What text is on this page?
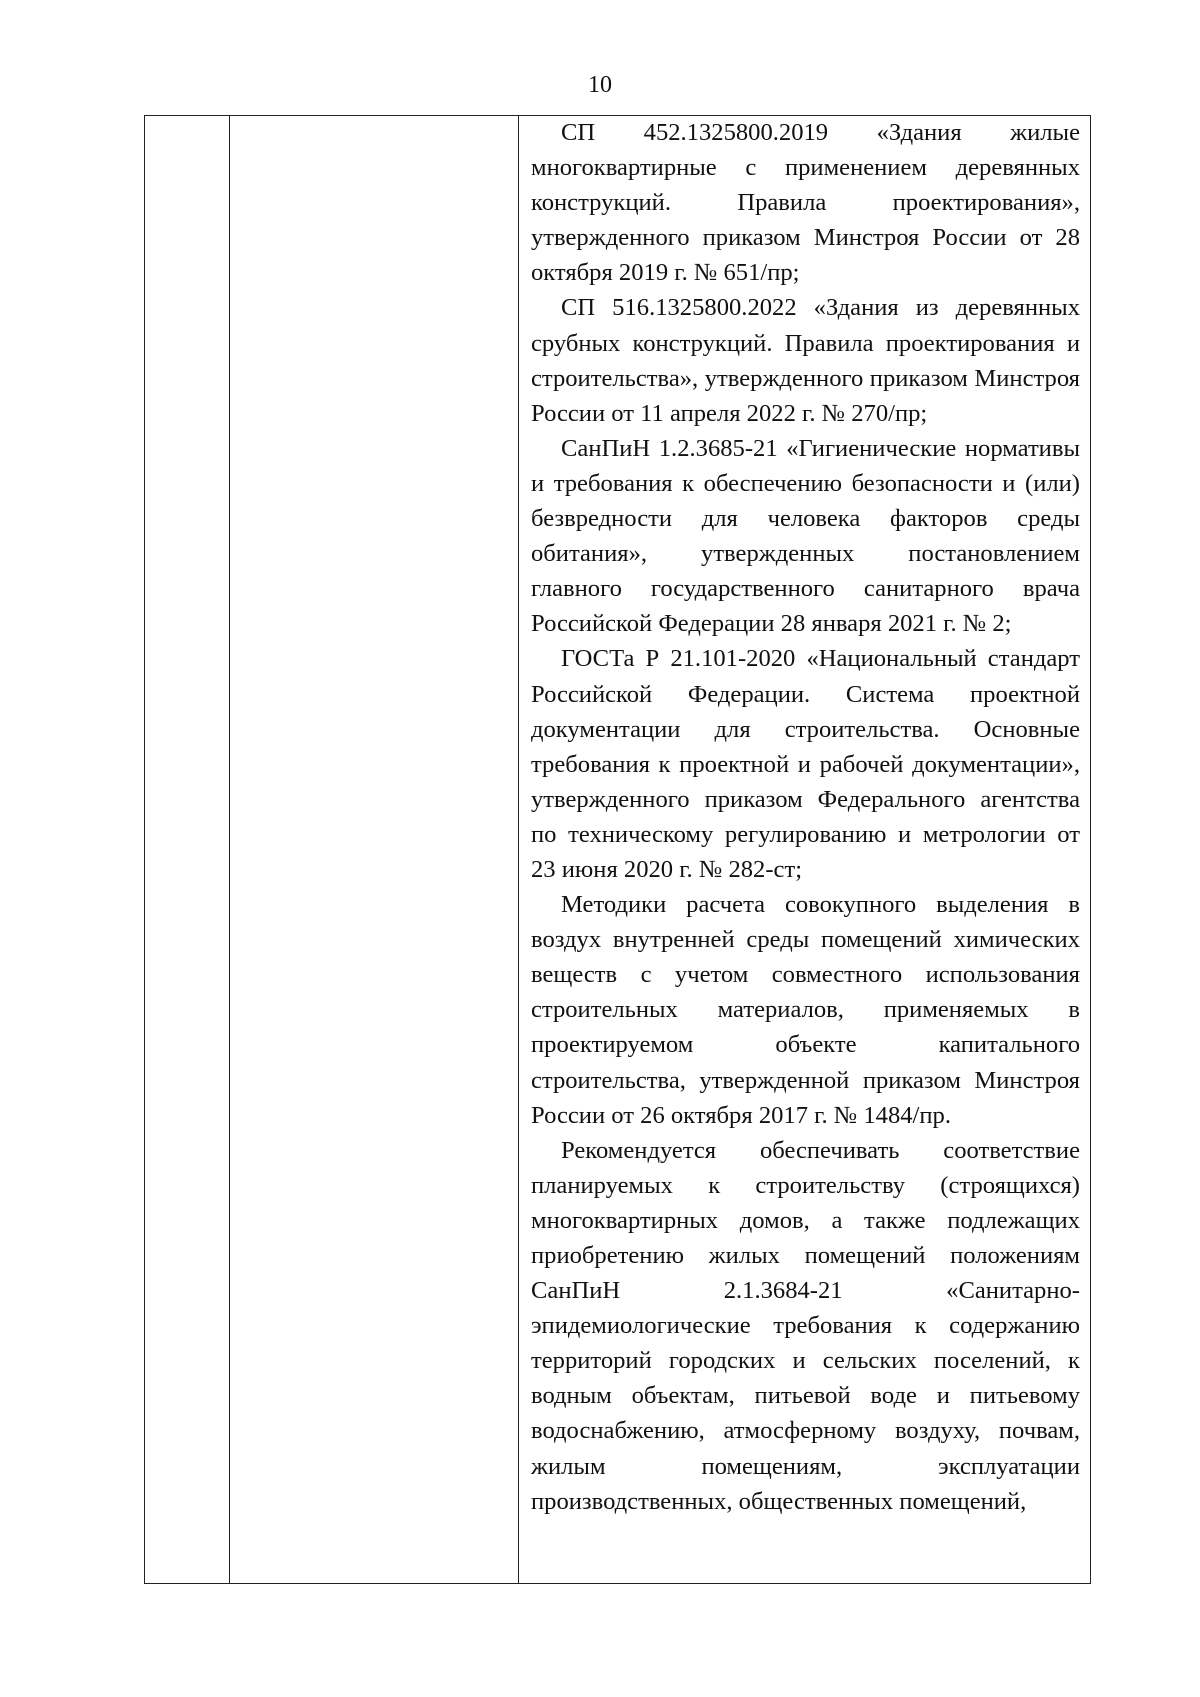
10

СП 452.1325800.2019 «Здания жилые многоквартирные с применением деревянных конструкций. Правила проектирования», утвержденного приказом Минстроя России от 28 октября 2019 г. № 651/пр;

СП 516.1325800.2022 «Здания из деревянных срубных конструкций. Правила проектирования и строительства», утвержденного приказом Минстроя России от 11 апреля 2022 г. № 270/пр;

СанПиН 1.2.3685-21 «Гигиенические нормативы и требования к обеспечению безопасности и (или) безвредности для человека факторов среды обитания», утвержденных постановлением главного государственного санитарного врача Российской Федерации 28 января 2021 г. № 2;

ГОСТа Р 21.101-2020 «Национальный стандарт Российской Федерации. Система проектной документации для строительства. Основные требования к проектной и рабочей документации», утвержденного приказом Федерального агентства по техническому регулированию и метрологии от 23 июня 2020 г. № 282-ст;

Методики расчета совокупного выделения в воздух внутренней среды помещений химических веществ с учетом совместного использования строительных материалов, применяемых в проектируемом объекте капитального строительства, утвержденной приказом Минстроя России от 26 октября 2017 г. № 1484/пр.

Рекомендуется обеспечивать соответствие планируемых к строительству (строящихся) многоквартирных домов, а также подлежащих приобретению жилых помещений положениям СанПиН 2.1.3684-21 «Санитарно-эпидемиологические требования к содержанию территорий городских и сельских поселений, к водным объектам, питьевой воде и питьевому водоснабжению, атмосферному воздуху, почвам, жилым помещениям, эксплуатации производственных, общественных помещений,
